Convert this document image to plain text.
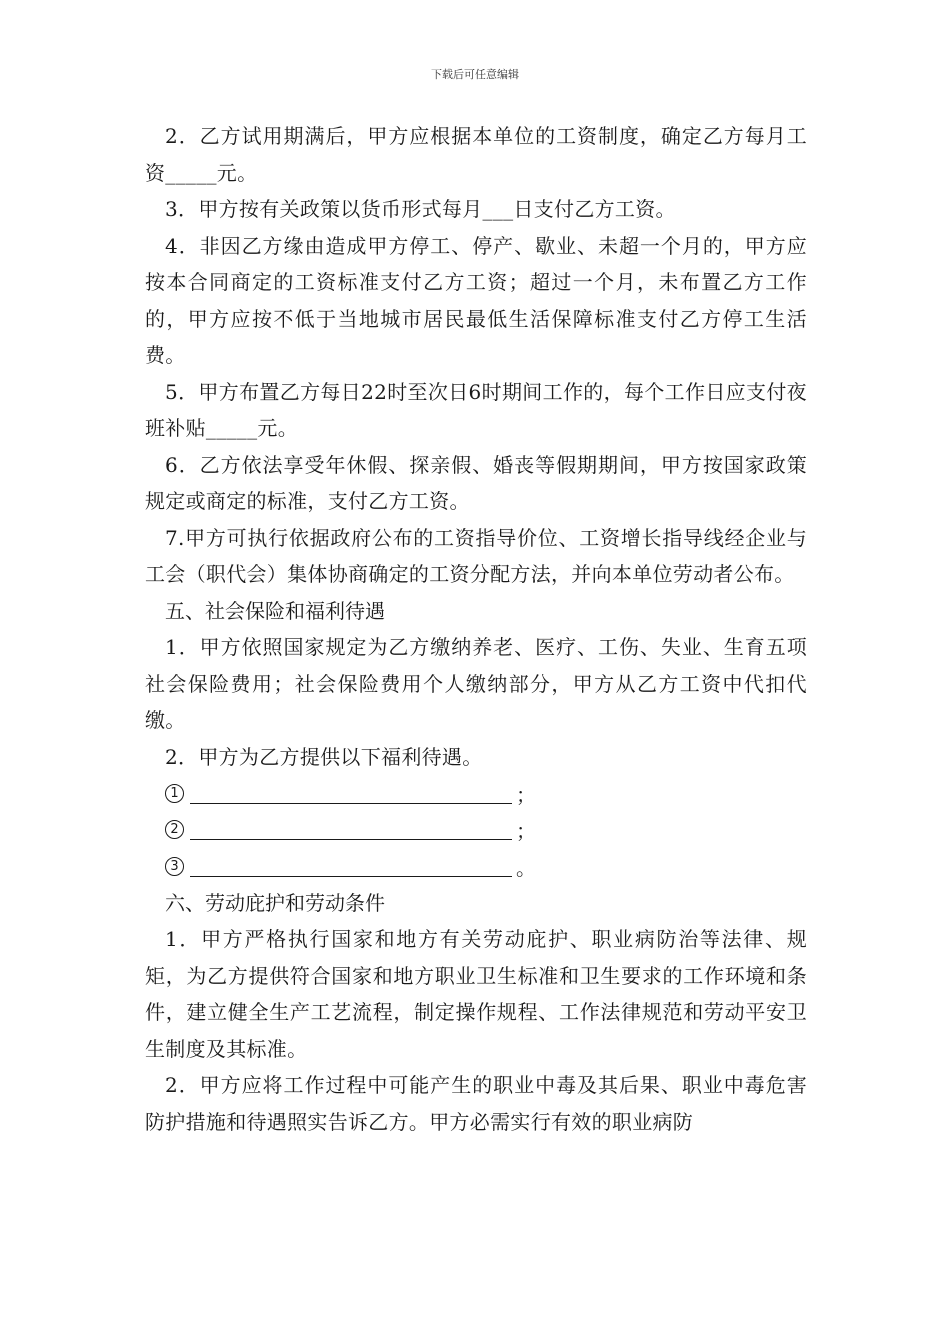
下载后可任意编辑

2．乙方试用期满后，甲方应根据本单位的工资制度，确定乙方每月工资_____元。

3．甲方按有关政策以货币形式每月___日支付乙方工资。

4．非因乙方缘由造成甲方停工、停产、歇业、未超一个月的，甲方应按本合同商定的工资标准支付乙方工资；超过一个月，未布置乙方工作的，甲方应按不低于当地城市居民最低生活保障标准支付乙方停工生活费。

5．甲方布置乙方每日22时至次日6时期间工作的，每个工作日应支付夜班补贴_____元。

6．乙方依法享受年休假、探亲假、婚丧等假期期间，甲方按国家政策规定或商定的标准，支付乙方工资。

7.甲方可执行依据政府公布的工资指导价位、工资增长指导线经企业与工会（职代会）集体协商确定的工资分配方法，并向本单位劳动者公布。

五、社会保险和福利待遇

1．甲方依照国家规定为乙方缴纳养老、医疗、工伤、失业、生育五项社会保险费用；社会保险费用个人缴纳部分，甲方从乙方工资中代扣代缴。

2．甲方为乙方提供以下福利待遇。

1	；
2	；
3	。

六、劳动庇护和劳动条件

1．甲方严格执行国家和地方有关劳动庇护、职业病防治等法律、规矩，为乙方提供符合国家和地方职业卫生标准和卫生要求的工作环境和条件，建立健全生产工艺流程，制定操作规程、工作法律规范和劳动平安卫生制度及其标准。

2．甲方应将工作过程中可能产生的职业中毒及其后果、职业中毒危害防护措施和待遇照实告诉乙方。甲方必需实行有效的职业病防
